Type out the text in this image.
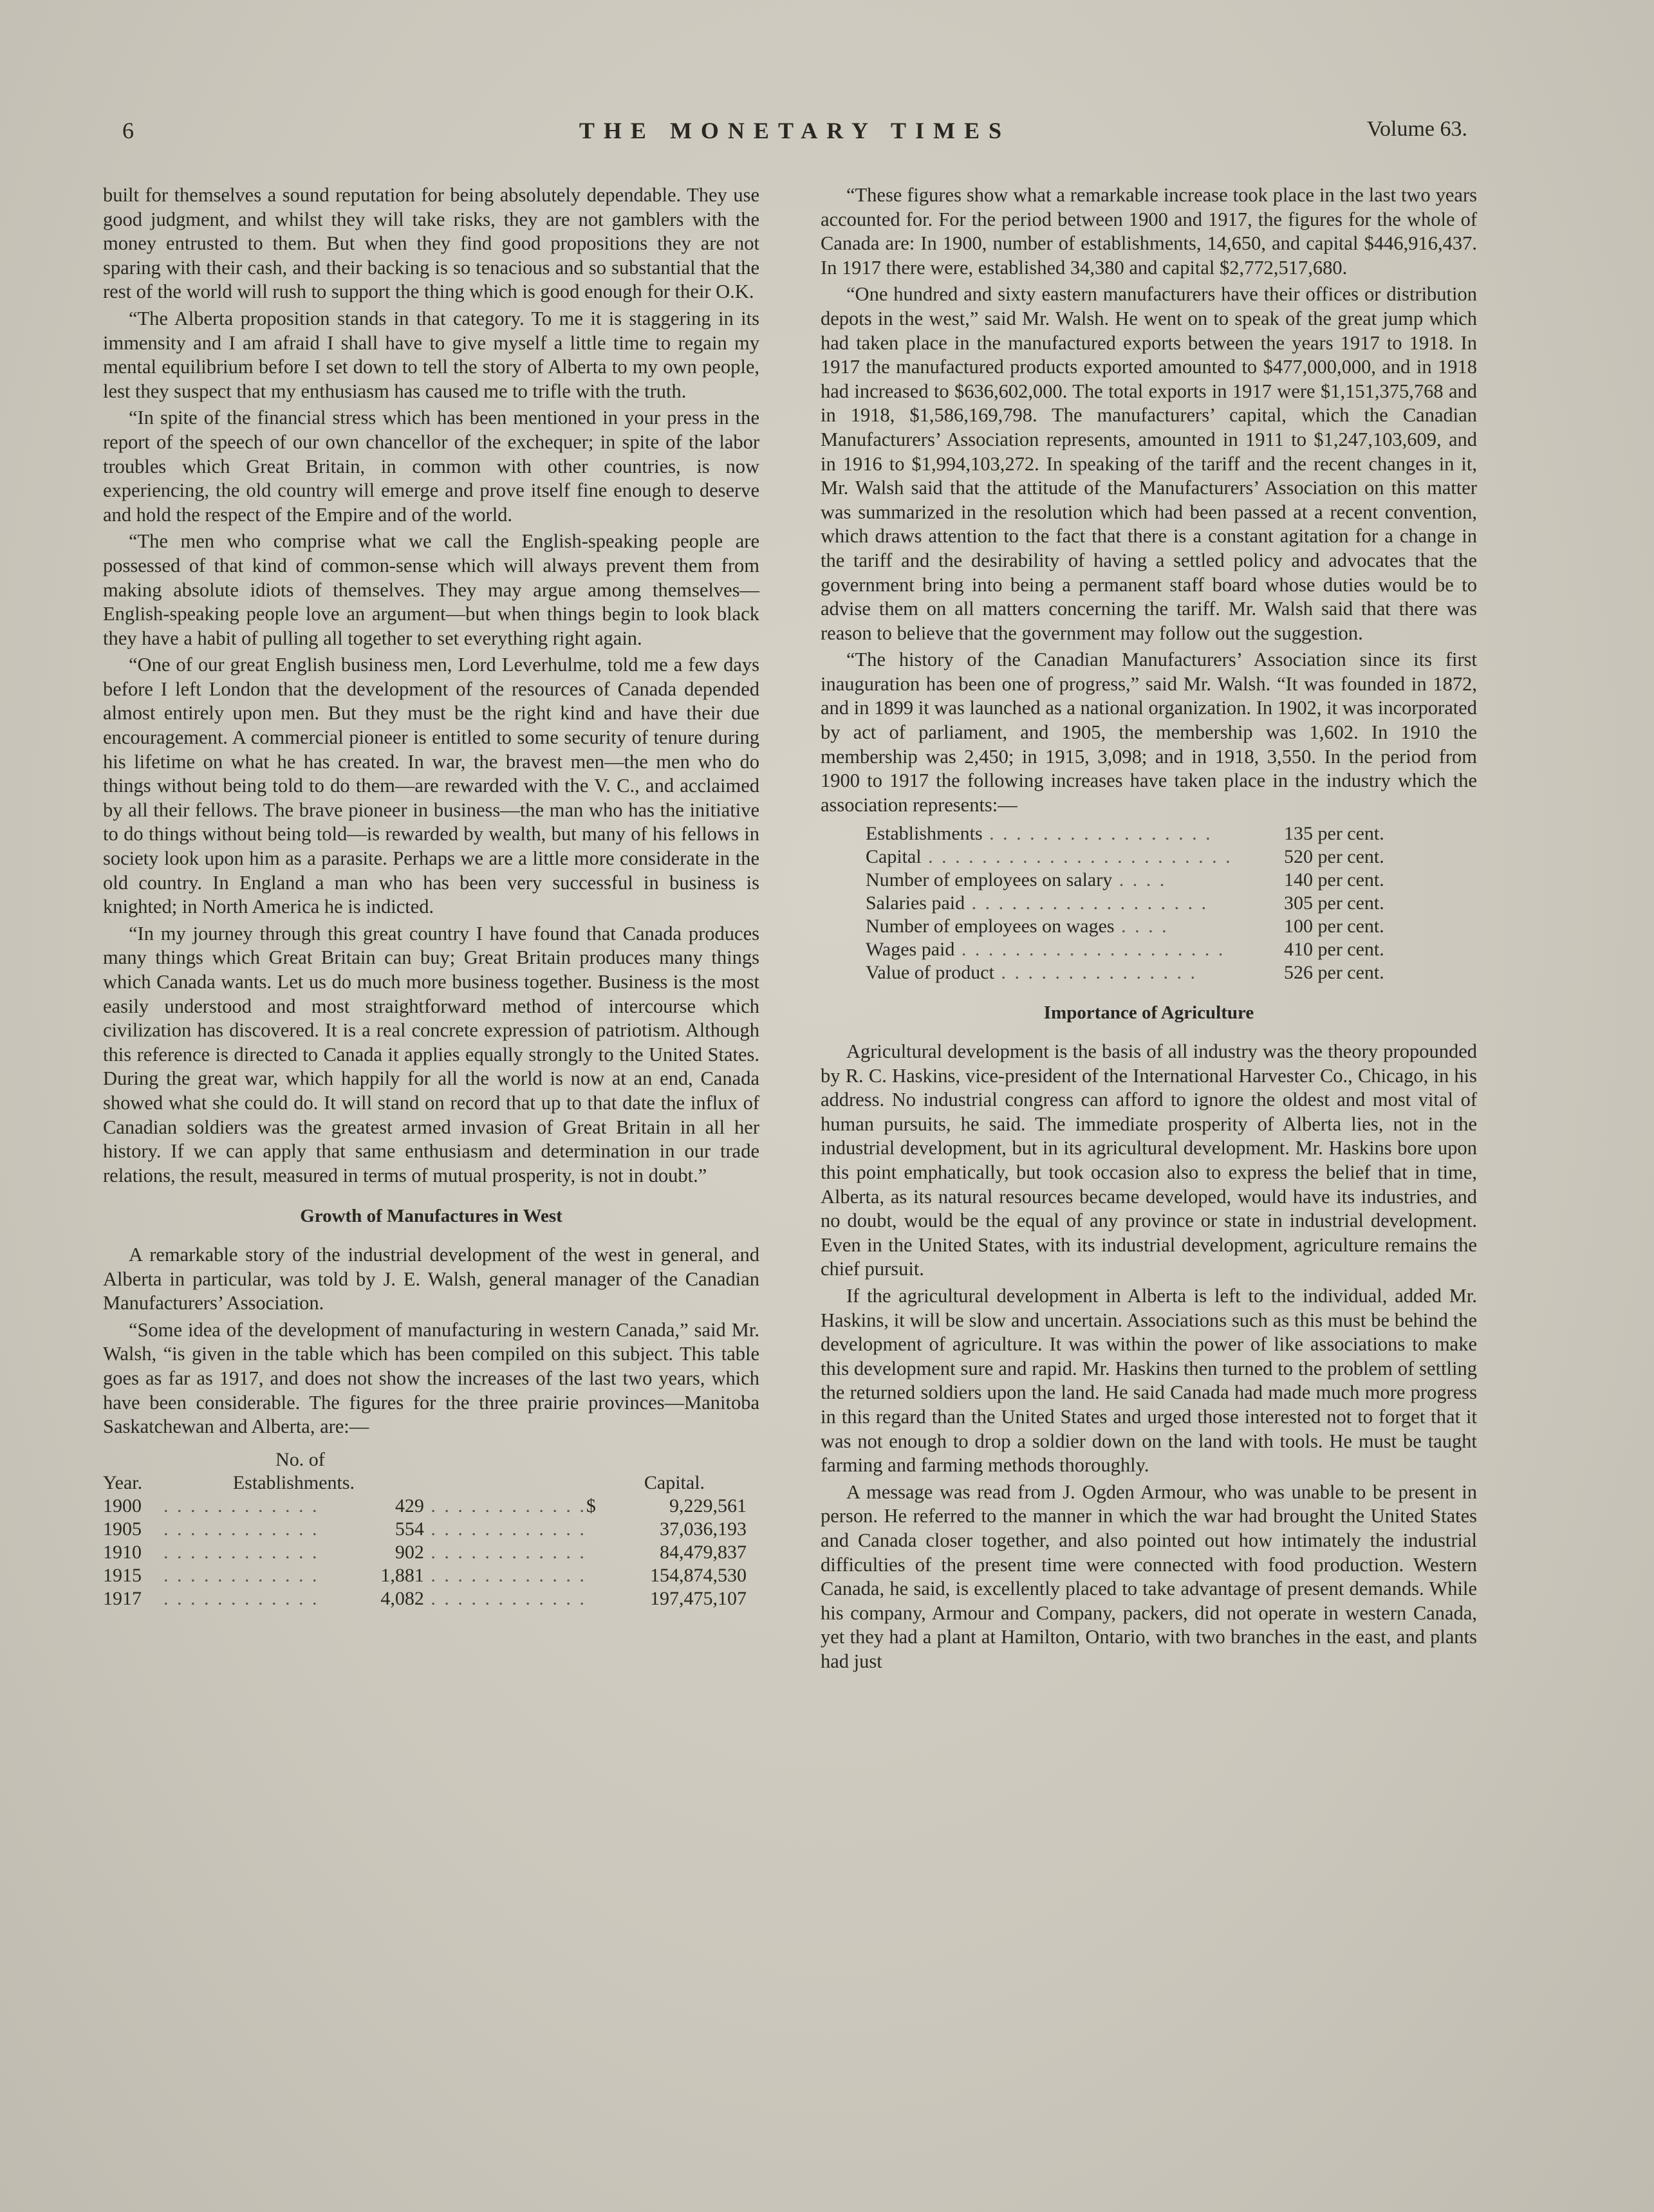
6	THE MONETARY TIMES	Volume 63.

built for themselves a sound reputation for being absolutely dependable. They use good judgment, and whilst they will take risks, they are not gamblers with the money entrusted to them. But when they find good propositions they are not sparing with their cash, and their backing is so tenacious and so substantial that the rest of the world will rush to support the thing which is good enough for their O.K.

“The Alberta proposition stands in that category. To me it is staggering in its immensity and I am afraid I shall have to give myself a little time to regain my mental equilibrium before I set down to tell the story of Alberta to my own people, lest they suspect that my enthusiasm has caused me to trifle with the truth.

“In spite of the financial stress which has been mentioned in your press in the report of the speech of our own chancellor of the exchequer; in spite of the labor troubles which Great Britain, in common with other countries, is now experiencing, the old country will emerge and prove itself fine enough to deserve and hold the respect of the Empire and of the world.

“The men who comprise what we call the English-speaking people are possessed of that kind of common-sense which will always prevent them from making absolute idiots of themselves. They may argue among themselves—English-speaking people love an argument—but when things begin to look black they have a habit of pulling all together to set everything right again.

“One of our great English business men, Lord Leverhulme, told me a few days before I left London that the development of the resources of Canada depended almost entirely upon men. But they must be the right kind and have their due encouragement. A commercial pioneer is entitled to some security of tenure during his lifetime on what he has created. In war, the bravest men—the men who do things without being told to do them—are rewarded with the V. C., and acclaimed by all their fellows. The brave pioneer in business—the man who has the initiative to do things without being told—is rewarded by wealth, but many of his fellows in society look upon him as a parasite. Perhaps we are a little more considerate in the old country. In England a man who has been very successful in business is knighted; in North America he is indicted.

“In my journey through this great country I have found that Canada produces many things which Great Britain can buy; Great Britain produces many things which Canada wants. Let us do much more business together. Business is the most easily understood and most straightforward method of intercourse which civilization has discovered. It is a real concrete expression of patriotism. Although this reference is directed to Canada it applies equally strongly to the United States. During the great war, which happily for all the world is now at an end, Canada showed what she could do. It will stand on record that up to that date the influx of Canadian soldiers was the greatest armed invasion of Great Britain in all her history. If we can apply that same enthusiasm and determination in our trade relations, the result, measured in terms of mutual prosperity, is not in doubt.”

Growth of Manufactures in West

A remarkable story of the industrial development of the west in general, and Alberta in particular, was told by J. E. Walsh, general manager of the Canadian Manufacturers’ Association.

“Some idea of the development of manufacturing in western Canada,” said Mr. Walsh, “is given in the table which has been compiled on this subject. This table goes as far as 1917, and does not show the increases of the last two years, which have been considerable. The figures for the three prairie provinces—Manitoba Saskatchewan and Alberta, are:—

	No. of				

Year.	Establishments.				Capital.
1900	. . . . . . . . . . . .	429	. . . . . . . . . . . .	$	9,229,561
1905	. . . . . . . . . . . .	554	. . . . . . . . . . . .		37,036,193
1910	. . . . . . . . . . . .	902	. . . . . . . . . . . .		84,479,837
1915	. . . . . . . . . . . .	1,881	. . . . . . . . . . . .		154,874,530
1917	. . . . . . . . . . . .	4,082	. . . . . . . . . . . .		197,475,107

“These figures show what a remarkable increase took place in the last two years accounted for. For the period between 1900 and 1917, the figures for the whole of Canada are: In 1900, number of establishments, 14,650, and capital $446,916,437. In 1917 there were, established 34,380 and capital $2,772,517,680.

“One hundred and sixty eastern manufacturers have their offices or distribution depots in the west,” said Mr. Walsh. He went on to speak of the great jump which had taken place in the manufactured exports between the years 1917 to 1918. In 1917 the manufactured products exported amounted to $477,000,000, and in 1918 had increased to $636,602,000. The total exports in 1917 were $1,151,375,768 and in 1918, $1,586,169,798. The manufacturers’ capital, which the Canadian Manufacturers’ Association represents, amounted in 1911 to $1,247,103,609, and in 1916 to $1,994,103,272. In speaking of the tariff and the recent changes in it, Mr. Walsh said that the attitude of the Manufacturers’ Association on this matter was summarized in the resolution which had been passed at a recent convention, which draws attention to the fact that there is a constant agitation for a change in the tariff and the desirability of having a settled policy and advocates that the government bring into being a permanent staff board whose duties would be to advise them on all matters concerning the tariff. Mr. Walsh said that there was reason to believe that the government may follow out the suggestion.

“The history of the Canadian Manufacturers’ Association since its first inauguration has been one of progress,” said Mr. Walsh. “It was founded in 1872, and in 1899 it was launched as a national organization. In 1902, it was incorporated by act of parliament, and 1905, the membership was 1,602. In 1910 the membership was 2,450; in 1915, 3,098; and in 1918, 3,550. In the period from 1900 to 1917 the following increases have taken place in the industry which the association represents:—

Establishments . . . . . . . . . . . . . . . . .	135 per cent.
Capital . . . . . . . . . . . . . . . . . . . . . . .	520 per cent.
Number of employees on salary . . . .	140 per cent.
Salaries paid . . . . . . . . . . . . . . . . . .	305 per cent.
Number of employees on wages . . . .	100 per cent.
Wages paid . . . . . . . . . . . . . . . . . . . .	410 per cent.
Value of product . . . . . . . . . . . . . . .	526 per cent.
Importance of Agriculture

Agricultural development is the basis of all industry was the theory propounded by R. C. Haskins, vice-president of the International Harvester Co., Chicago, in his address. No industrial congress can afford to ignore the oldest and most vital of human pursuits, he said. The immediate prosperity of Alberta lies, not in the industrial development, but in its agricultural development. Mr. Haskins bore upon this point emphatically, but took occasion also to express the belief that in time, Alberta, as its natural resources became developed, would have its industries, and no doubt, would be the equal of any province or state in industrial development. Even in the United States, with its industrial development, agriculture remains the chief pursuit.

If the agricultural development in Alberta is left to the individual, added Mr. Haskins, it will be slow and uncertain. Associations such as this must be behind the development of agriculture. It was within the power of like associations to make this development sure and rapid. Mr. Haskins then turned to the problem of settling the returned soldiers upon the land. He said Canada had made much more progress in this regard than the United States and urged those interested not to forget that it was not enough to drop a soldier down on the land with tools. He must be taught farming and farming methods thoroughly.

A message was read from J. Ogden Armour, who was unable to be present in person. He referred to the manner in which the war had brought the United States and Canada closer together, and also pointed out how intimately the industrial difficulties of the present time were connected with food production. Western Canada, he said, is excellently placed to take advantage of present demands. While his company, Armour and Company, packers, did not operate in western Canada, yet they had a plant at Hamilton, Ontario, with two branches in the east, and plants had just
